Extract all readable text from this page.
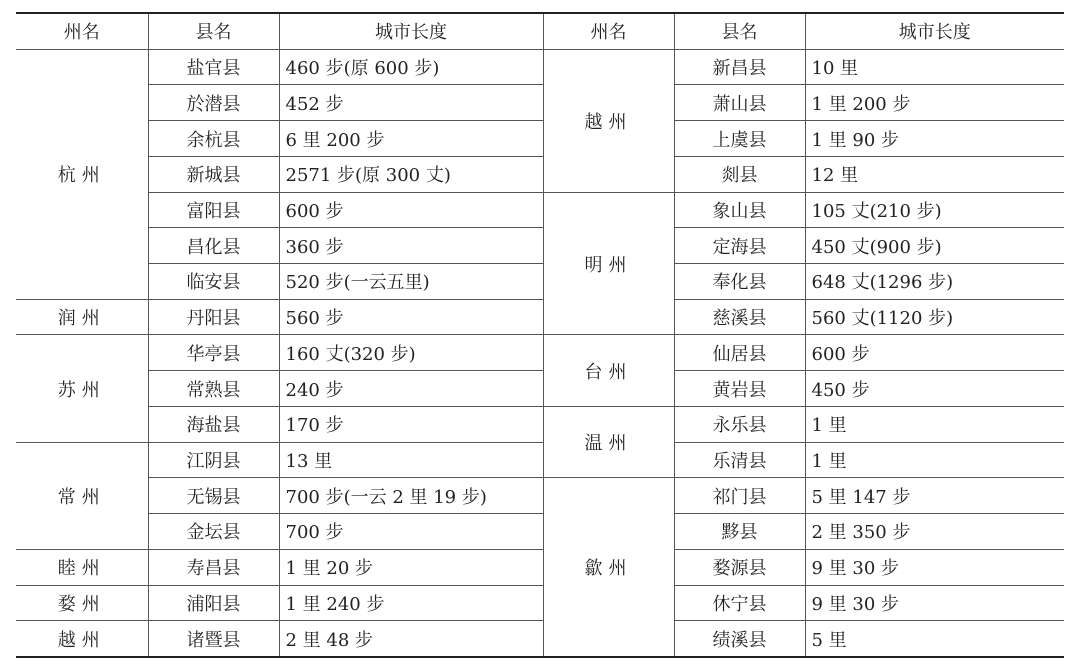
州名	县名	城市长度	州名	县名	城市长度
杭州	盐官县	460 步(原 600 步)	越州	新昌县	10 里
	於潜县	452 步		萧山县	1 里 200 步
	余杭县	6 里 200 步		上虞县	1 里 90 步
	新城县	2571 步(原 300 丈)		剡县	12 里
	富阳县	600 步	明州	象山县	105 丈(210 步)
	昌化县	360 步		定海县	450 丈(900 步)
	临安县	520 步(一云五里)		奉化县	648 丈(1296 步)
润州	丹阳县	560 步		慈溪县	560 丈(1120 步)
苏州	华亭县	160 丈(320 步)	台州	仙居县	600 步
	常熟县	240 步		黄岩县	450 步
	海盐县	170 步	温州	永乐县	1 里
常州	江阴县	13 里		乐清县	1 里
	无锡县	700 步(一云 2 里 19 步)	歙州	祁门县	5 里 147 步
	金坛县	700 步		黟县	2 里 350 步
睦州	寿昌县	1 里 20 步		婺源县	9 里 30 步
婺州	浦阳县	1 里 240 步		休宁县	9 里 30 步
越州	诸暨县	2 里 48 步		绩溪县	5 里
